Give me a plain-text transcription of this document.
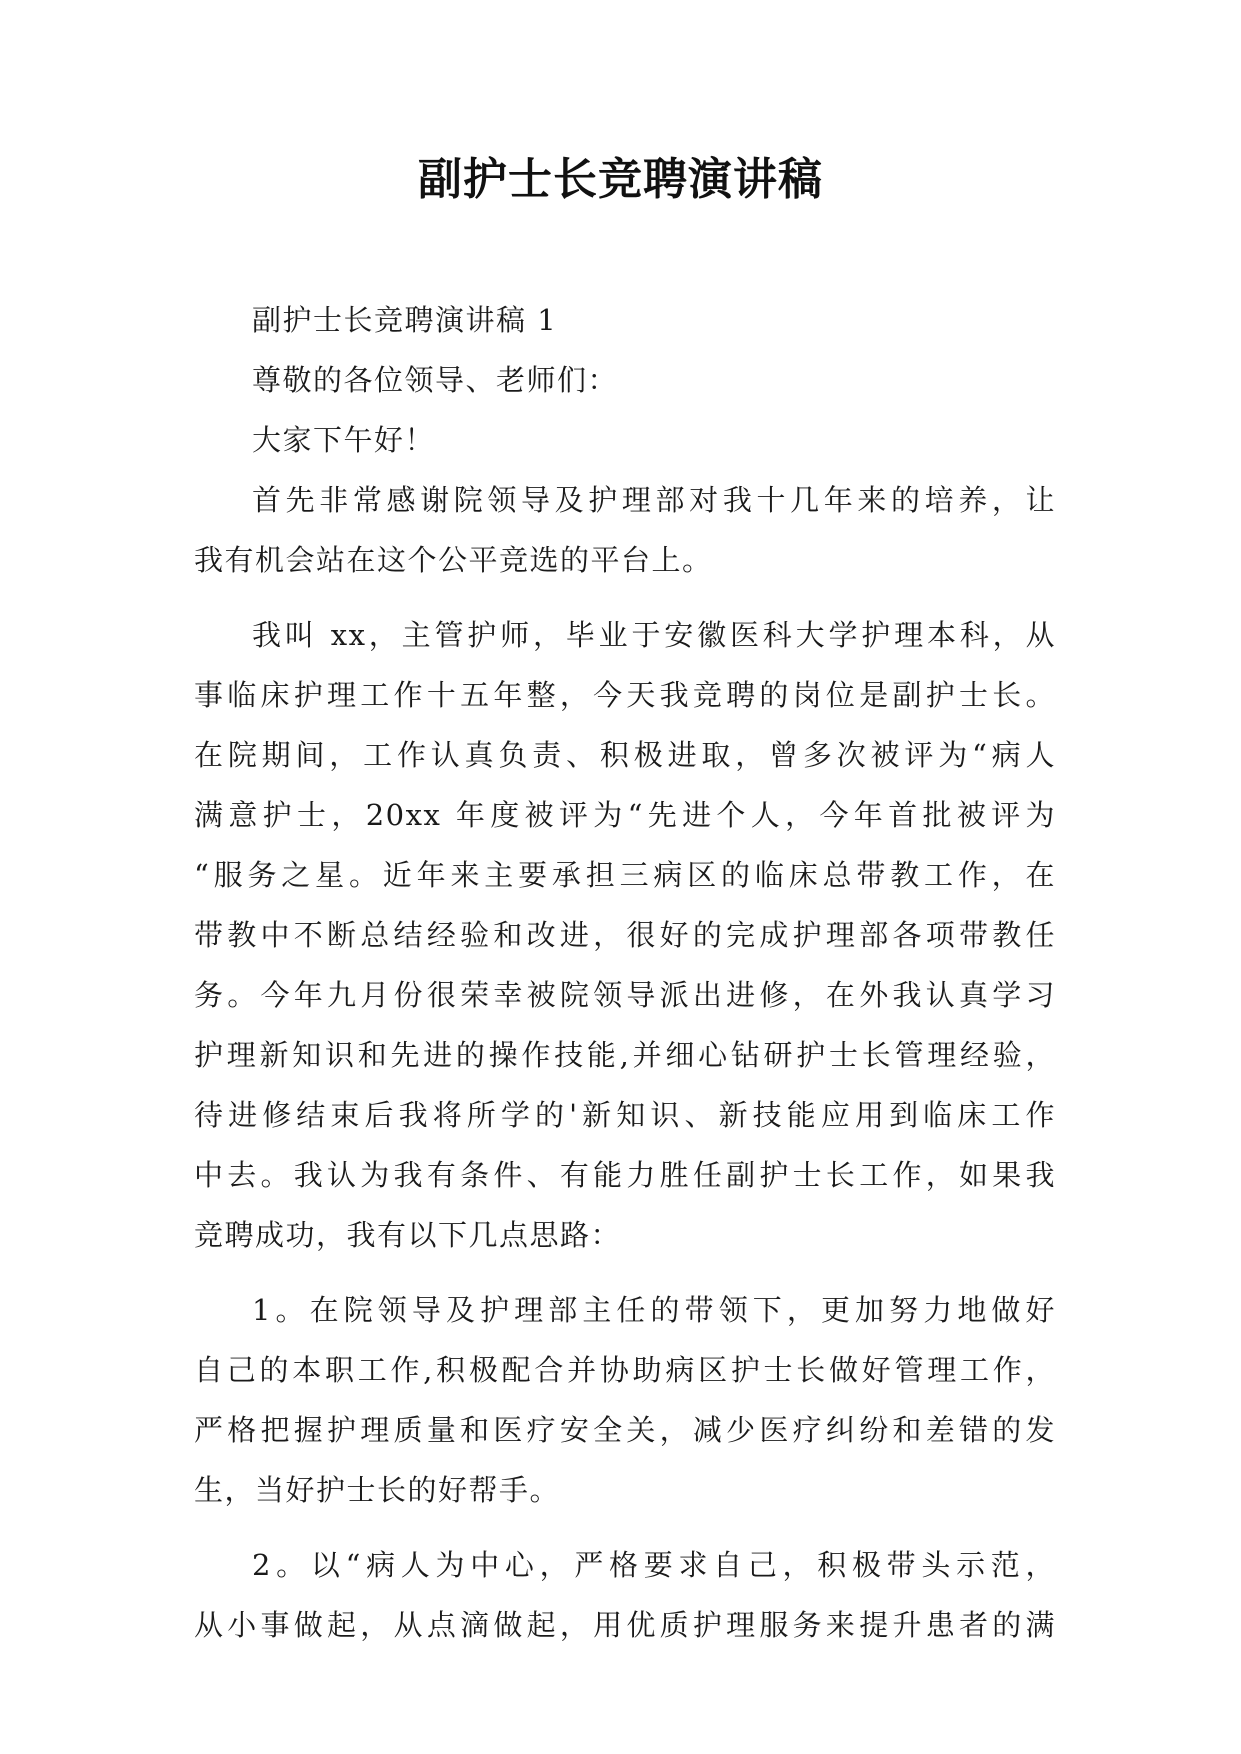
副护士长竞聘演讲稿
副护士长竞聘演讲稿 1
尊敬的各位领导、老师们：
大家下午好！
首先非常感谢院领导及护理部对我十几年来的培养，让
我有机会站在这个公平竞选的平台上。
我叫 xx，主管护师，毕业于安徽医科大学护理本科，从
事临床护理工作十五年整，今天我竞聘的岗位是副护士长。
在院期间，工作认真负责、积极进取，曾多次被评为“病人
满意护士，20xx 年度被评为“先进个人，今年首批被评为
“服务之星。近年来主要承担三病区的临床总带教工作，在
带教中不断总结经验和改进，很好的完成护理部各项带教任
务。今年九月份很荣幸被院领导派出进修，在外我认真学习
护理新知识和先进的操作技能,并细心钻研护士长管理经验，
待进修结束后我将所学的'新知识、新技能应用到临床工作
中去。我认为我有条件、有能力胜任副护士长工作，如果我
竞聘成功，我有以下几点思路：
1。在院领导及护理部主任的带领下，更加努力地做好
自己的本职工作,积极配合并协助病区护士长做好管理工作，
严格把握护理质量和医疗安全关，减少医疗纠纷和差错的发
生，当好护士长的好帮手。
2。以“病人为中心，严格要求自己，积极带头示范，
从小事做起，从点滴做起，用优质护理服务来提升患者的满
